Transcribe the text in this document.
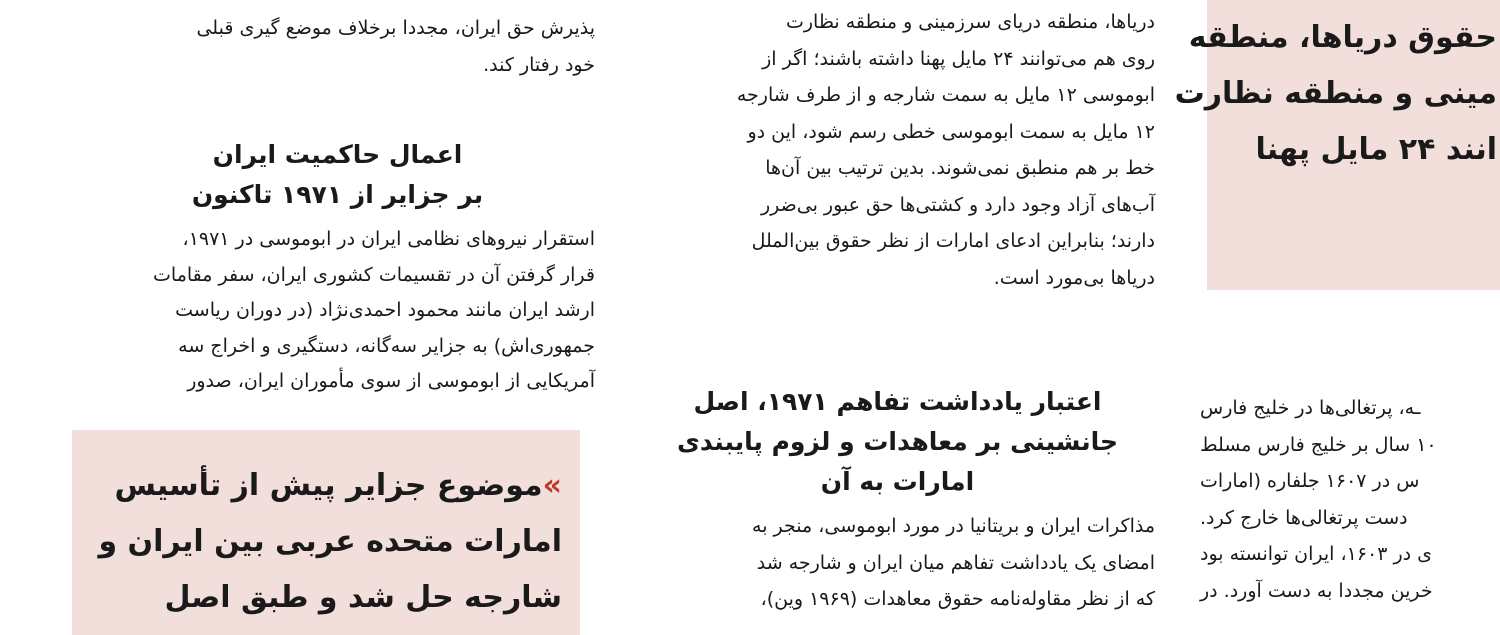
پذیرش حق ایران، مجددا برخلاف موضع گیری قبلی
خود رفتار کند.
اعمال حاکمیت ایران
بر جزایر از ۱۹۷۱ تاکنون
استقرار نیروهای نظامی ایران در ابوموسی در ۱۹۷۱،
قرار گرفتن آن در تقسیمات کشوری ایران، سفر مقامات
ارشد ایران مانند محمود احمدی‌نژاد (در دوران ریاست
جمهوری‌اش) به جزایر سه‌گانه، دستگیری و اخراج سه
آمریکایی از ابوموسی از سوی مأموران ایران، صدور
»موضوع جزایر پیش از تأسیس
امارات متحده عربی بین ایران و
شارجه حل شد و طبق اصل
دریاها، منطقه دریای سرزمینی و منطقه نظارت
روی هم می‌توانند ۲۴ مایل پهنا داشته باشند؛ اگر از
ابوموسی ۱۲ مایل به سمت شارجه و از طرف شارجه
۱۲ مایل به سمت ابوموسی خطی رسم شود، این دو
خط بر هم منطبق نمی‌شوند. بدین ترتیب بین آن‌ها
آب‌های آزاد وجود دارد و کشتی‌ها حق عبور بی‌ضرر
دارند؛ بنابراین ادعای امارات از نظر حقوق بین‌الملل
دریاها بی‌مورد است.
اعتبار یادداشت تفاهم ۱۹۷۱، اصل
جانشینی بر معاهدات و لزوم پایبندی
امارات به آن
مذاکرات ایران و بریتانیا در مورد ابوموسی، منجر به
امضای یک یادداشت تفاهم میان ایران و شارجه شد
که از نظر مقاوله‌نامه حقوق معاهدات (۱۹۶۹ وین)،
حقوق دریاها، منطقه
مینی و منطقه نظارت
انند ۲۴ مایل پهنا
ـه، پرتغالی‌ها در خلیج فارس
۱۰ سال بر خلیج فارس مسلط
س در ۱۶۰۷ جلفاره (امارات
دست پرتغالی‌ها خارج کرد.
ی در ۱۶۰۳، ایران توانسته بود
خرین مجددا به دست آورد. در
